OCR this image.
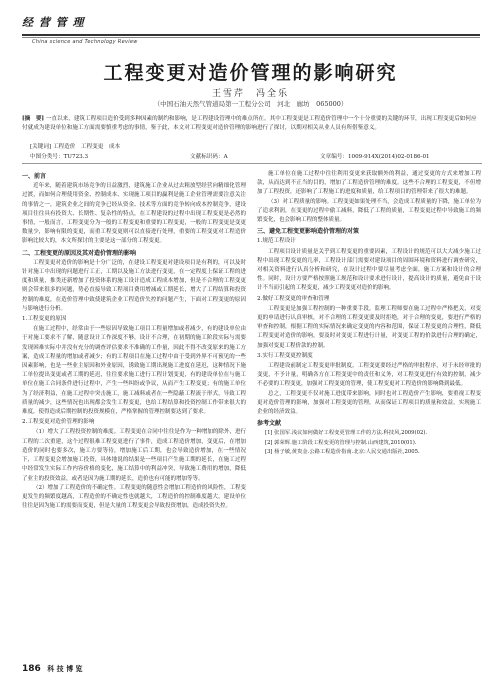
经 营 管 理
China science and Technology Review
工程变更对造价管理的影响研究
王雪芹　冯全乐
（中国石油天然气管道局第一工程分公司　河北　廊坊　065000）
[摘　要] 一直以来，建筑工程项目造价受到多种因素的制约和影响，是工程建设管理中的难点所在。其中工程变更是工程造价管理中一个十分重要的关键的环节，出现工程变更后如何应付就成为建设单位和施工方面需要慎重考虑的事情，鉴于此，本文对工程变更对造价管理的影响进行了探讨，以期对相关从业人员有所借鉴意义。
[关键词] 工程造价　工程变更　成本
中图分类号：TU723.3	文献标识码：A	文章编号：1009-914X(2014)02-0186-01
一、前言

近年来，随着建筑市场竞争的日益激烈，建筑施工企业从过去粗放型经营向精细化管理过渡，而如何合理使用资金、控制成本、实现施工项目的赢利是施工企业管理需要注意关注的事情之一，建筑企业之间的竞争已经从资金、技术等方面的竞争转向成本控制竞争，建设项目往往具有投资大、长期性、复杂性的特点，在工程建设的过程中出现工程变更是必然的事情，一般而言，工程变更分为一般的工程变更和重要的工程变更，一般的工程变更是变更数量少，影响有限的变更，而重工程变更则可以直接进行处理，重要的工程变更对工程造价影响比较大的，本文所探讨的主要是这一部分的工程变更。

二、工程变更的原因及其对造价管理的影响

工程变更对造价的影响是十分广泛的，在建设工程变更对建设项目是有利的，可以及时针对施工中出现的问题进行工正，工期以及施工方法进行变更，在一定程度上保证工程的进度和质量，推类还新增加了投资体系的施工设计造成工程成本增加，但是不合理的工程变更则会带来很多的问题，势必直接导致工程项目费用增减或工期延长，增大了工程结算和投资控制的难度，在造价管理中致使建筑企业工程造价失控的问题产生，下面对工程变更的原因与影响进行分析。

1.工程变更的原因

在施工过程中，经常由于一些原因导致施工项目工程量增加或者减少，有的建设单位由于对施工要求不了解，随意设计工作深度不够，设计不合理，在初期的施工阶段实际与需要发现困难实际中并没有充分的调查评估要求不准确的工作量，因此不得不改变原来的施工方案，造成工程量的增加或者减少；有的工程项目在施工过程中由于受到外界不可预见的一些因素影响，也是一些业主原因和外业原因，诱致施工期出现施工进度在延迟，这种情况下施工单位提出变更或者工期的延迟，往往要求施工进行工程计划变更，有的建设单位在与施工单位在施工合同条件进行过程中，产生一些纠纷或争议，从而产生工程变更；有的施工单位为了经济利益，在施工过程中突击施工，施工减料或者在一些隐蔽工程流于形式，导致工程质量的减少，这些情况也出现都会发生工程变更，也给工程结算和投资控制工作带来很大的难度，使得造成后期控制的投资规模在，严格掌握的管理控制要达到了要求。

2.工程变更对造价管理的影响

（1）增大了工程投资控制的难度。工程变更在合同中往往是作为一种增加的除外，进行工程的二次重建，这个过程很难工程变更进行了事件，造成工程造价增加，变更后，在增加造价的同时也要多次，施工方要等待，增加施工后工期，也会导致造价增加，在一些情况下，工程变更会增加施工投资，具体地说的结果是一些项目产生施工期的延长，在施工过程中经常发生实际工作内容价格的变化，施工结算中的利益冲突，导致施工费用的增加，降低了业主的投资效益，或者是因为施工期的延长，造价也有可能的增加等等。

（2）增加了工程造价的不确定性。工程变更的随意性会增加工程造价的风险性，工程变更发生的频繁度越高，工程造价的不确定性也就越大，工程造价的控制难度越大。建设单位往往是因为施工的需要而变更，但是大量的工程变更会导致投资增加，造成投资失控。

施工单位在施工过程中往往利用变更来获取额外的利益，通过变更的方式来增加工程款，从而达到不正当的目的，增加了工程造价管理的难度。这些不合理的工程变更，不但增加了工程投资，还影响了工程施工的进度和质量，给工程项目的管理带来了很大的难题。

（3）对工程质量的影响。工程变更如果处理不当，会造成工程质量的下降，施工单位为了追求利润，在变更的过程中偷工减料，降低了工程的质量，工程变更过程中导致施工的频繁变化，也会影响工程的整体质量。

三、避免工程变更影响造价管理的对策
1.规范工程设计

工程项目设计质量是关乎到工程变更的重要因素，工程设计的规范可以大大减少施工过程中出现工程变更的几率，工程设计部门需要对建设项目的周围环境和资料进行调查研究，对相关资料进行认真分析和研究，在设计过程中要尽量考虑全面，施工方案和设计的合理性。同时，设计方要严格按照施工规范和设计要求进行设计，提高设计的质量，避免由于设计不当而引起的工程变更，减少工程变更对造价的影响。

2.做好工程变更的审查和管理

工程变更是加强工程控制的一种重要手段，监理工程师要在施工过程中严格把关，对变更的申请进行认真审核，对不合理的工程变更要及时拒绝，对于合理的变更，要进行严格的审查和控制，根据工程的实际情况来确定变更的内容和范围，保证工程变更的合理性，降低工程变更对造价的影响。要及时对变更工程进行计量，对变更工程的价款进行合理的确定，加强对变更工程价款的控制。

3.实行工程变更控制度

工程建设前制定工程变更审批制度，工程变更要经过严格的审批程序，对于未经审批的变更，不予计量，明确各方在工程变更中的责任和义务，对工程变更进行有效的控制，减少不必要的工程变更，加强对工程变更的管理，使工程变更对工程造价的影响降到最低。

总之，工程变更不仅对施工进度带来影响，同时也对工程造价产生影响，要重视工程变更对造价管理的影响，加强对工程变更的管理，从而保证工程项目的质量和效益，实现施工企业的经济效益。

参考文献

[1] 张国军.浅议如何做好工程变更管理工作的方法.科技风,2009(02).

[2] 郭荣辉.施工阶段工程变更的管理与控制.山西建筑,2010(01).

[3] 杨子敏,黄贵金.公路工程造价指南.北京:人民交通出版社,2005.

186 科 技 博 览
